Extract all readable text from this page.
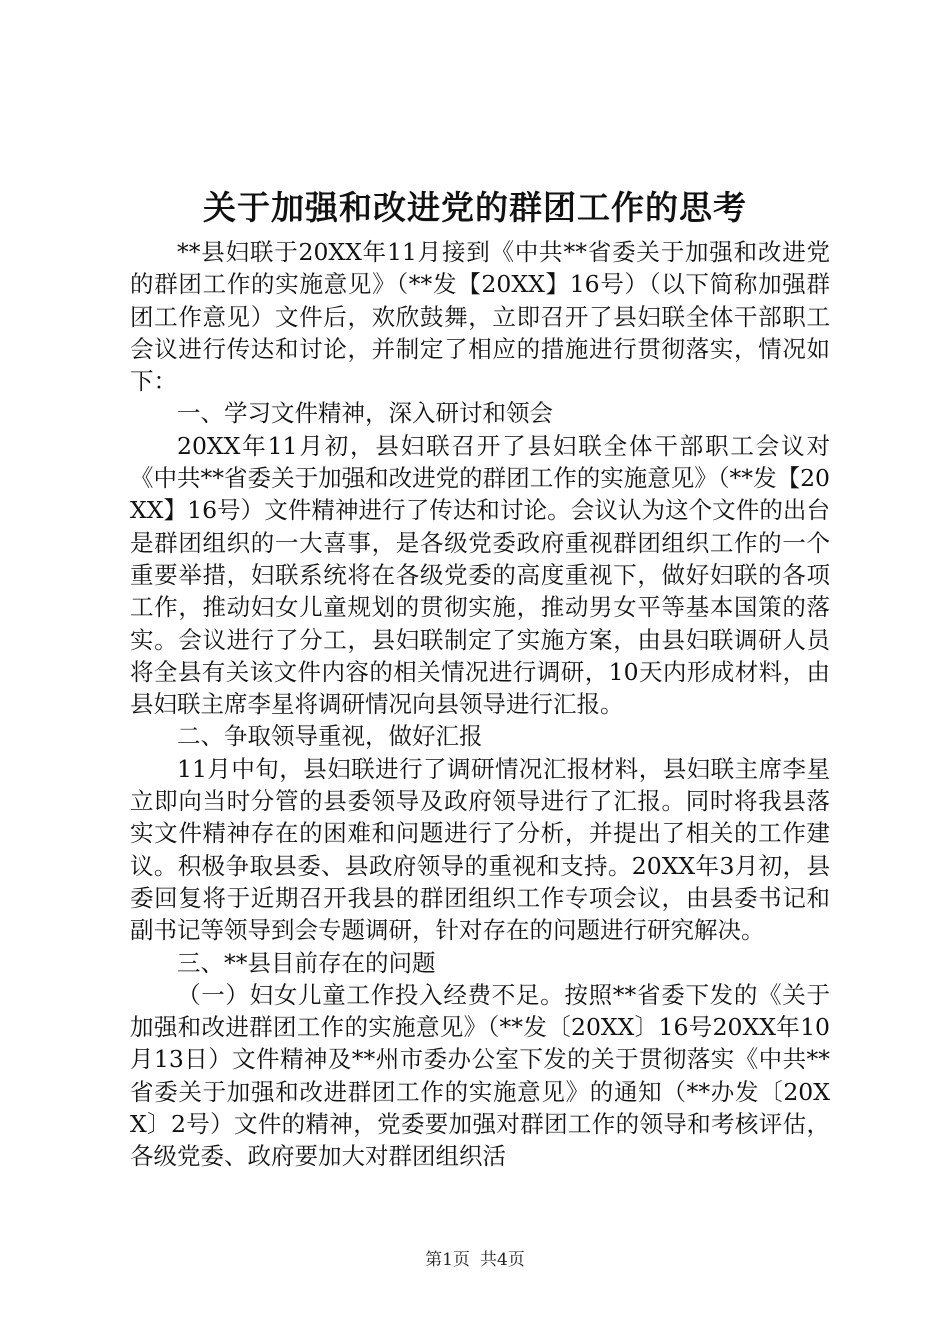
关于加强和改进党的群团工作的思考

**县妇联于20XX年11月接到《中共**省委关于加强和改进党的群团工作的实施意见》（**发【20XX】16号）（以下简称加强群团工作意见）文件后，欢欣鼓舞，立即召开了县妇联全体干部职工会议进行传达和讨论，并制定了相应的措施进行贯彻落实，情况如下：

一、学习文件精神，深入研讨和领会

20XX年11月初，县妇联召开了县妇联全体干部职工会议对《中共**省委关于加强和改进党的群团工作的实施意见》（**发【20XX】16号）文件精神进行了传达和讨论。会议认为这个文件的出台是群团组织的一大喜事，是各级党委政府重视群团组织工作的一个重要举措，妇联系统将在各级党委的高度重视下，做好妇联的各项工作，推动妇女儿童规划的贯彻实施，推动男女平等基本国策的落实。会议进行了分工，县妇联制定了实施方案，由县妇联调研人员将全县有关该文件内容的相关情况进行调研，10天内形成材料，由县妇联主席李星将调研情况向县领导进行汇报。

二、争取领导重视，做好汇报

11月中旬，县妇联进行了调研情况汇报材料，县妇联主席李星立即向当时分管的县委领导及政府领导进行了汇报。同时将我县落实文件精神存在的困难和问题进行了分析，并提出了相关的工作建议。积极争取县委、县政府领导的重视和支持。20XX年3月初，县委回复将于近期召开我县的群团组织工作专项会议，由县委书记和副书记等领导到会专题调研，针对存在的问题进行研究解决。

三、**县目前存在的问题

（一）妇女儿童工作投入经费不足。按照**省委下发的《关于加强和改进群团工作的实施意见》（**发〔20XX〕16号20XX年10月13日）文件精神及**州市委办公室下发的关于贯彻落实《中共**省委关于加强和改进群团工作的实施意见》的通知（**办发〔20XX〕2号）文件的精神，党委要加强对群团工作的领导和考核评估，各级党委、政府要加大对群团组织活

第1页 共4页
